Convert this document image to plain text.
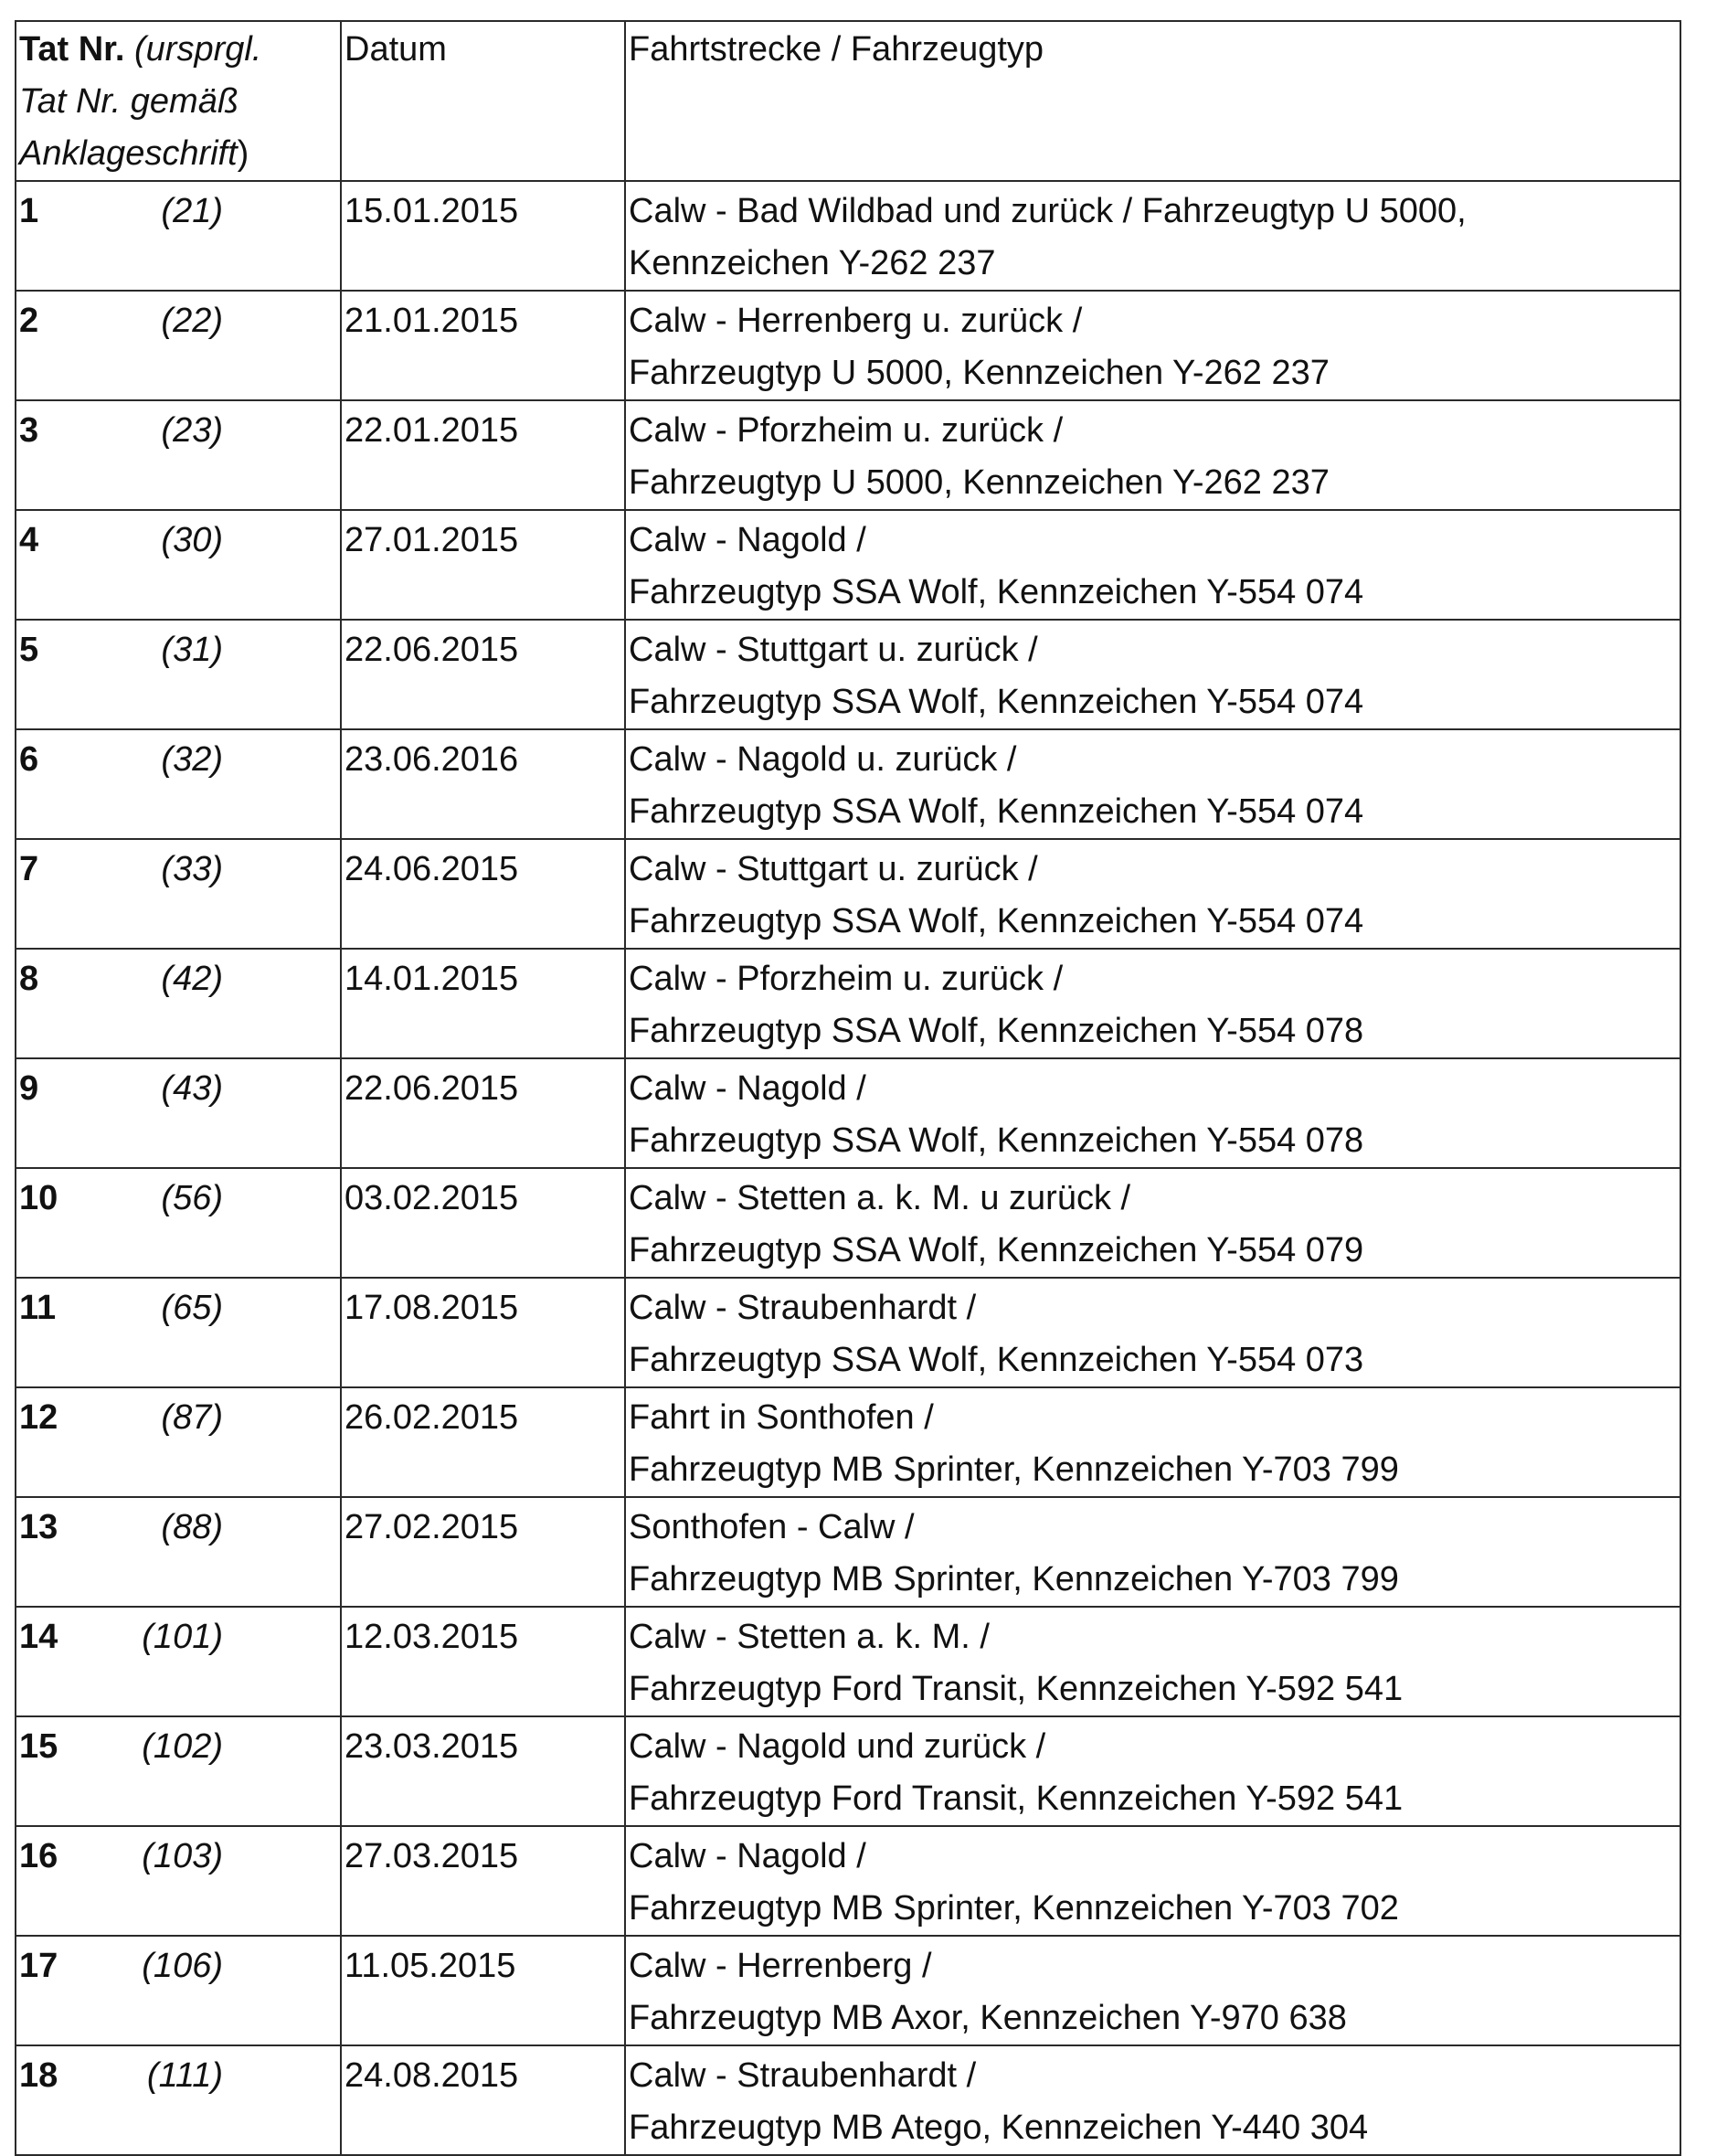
Tat Nr. (ursprgl.
Tat Nr. gemäß
Anklageschrift)	Datum	Fahrtstrecke / Fahrzeugtyp
1 (21)	15.01.2015	Calw - Bad Wildbad und zurück / Fahrzeugtyp U 5000,
Kennzeichen Y-262 237

2 (22)	21.01.2015	Calw - Herrenberg u. zurück /
Fahrzeugtyp U 5000, Kennzeichen Y-262 237

3 (23)	22.01.2015	Calw - Pforzheim u. zurück /
Fahrzeugtyp U 5000, Kennzeichen Y-262 237

4 (30)	27.01.2015	Calw - Nagold /
Fahrzeugtyp SSA Wolf, Kennzeichen Y-554 074

5 (31)	22.06.2015	Calw - Stuttgart u. zurück /
Fahrzeugtyp SSA Wolf, Kennzeichen Y-554 074

6 (32)	23.06.2016	Calw - Nagold u. zurück /
Fahrzeugtyp SSA Wolf, Kennzeichen Y-554 074

7 (33)	24.06.2015	Calw - Stuttgart u. zurück /
Fahrzeugtyp SSA Wolf, Kennzeichen Y-554 074

8 (42)	14.01.2015	Calw - Pforzheim u. zurück /
Fahrzeugtyp SSA Wolf, Kennzeichen Y-554 078

9 (43)	22.06.2015	Calw - Nagold /
Fahrzeugtyp SSA Wolf, Kennzeichen Y-554 078

10 (56)	03.02.2015	Calw - Stetten a. k. M. u zurück /
Fahrzeugtyp SSA Wolf, Kennzeichen Y-554 079

11 (65)	17.08.2015	Calw - Straubenhardt /
Fahrzeugtyp SSA Wolf, Kennzeichen Y-554 073

12 (87)	26.02.2015	Fahrt in Sonthofen /
Fahrzeugtyp MB Sprinter, Kennzeichen Y-703 799

13 (88)	27.02.2015	Sonthofen - Calw /
Fahrzeugtyp MB Sprinter, Kennzeichen Y-703 799

14 (101)	12.03.2015	Calw - Stetten a. k. M. /
Fahrzeugtyp Ford Transit, Kennzeichen Y-592 541

15 (102)	23.03.2015	Calw - Nagold und zurück /
Fahrzeugtyp Ford Transit, Kennzeichen Y-592 541

16 (103)	27.03.2015	Calw - Nagold /
Fahrzeugtyp MB Sprinter, Kennzeichen Y-703 702

17 (106)	11.05.2015	Calw - Herrenberg /
Fahrzeugtyp MB Axor, Kennzeichen Y-970 638

18 (111)	24.08.2015	Calw - Straubenhardt /
Fahrzeugtyp MB Atego, Kennzeichen Y-440 304
